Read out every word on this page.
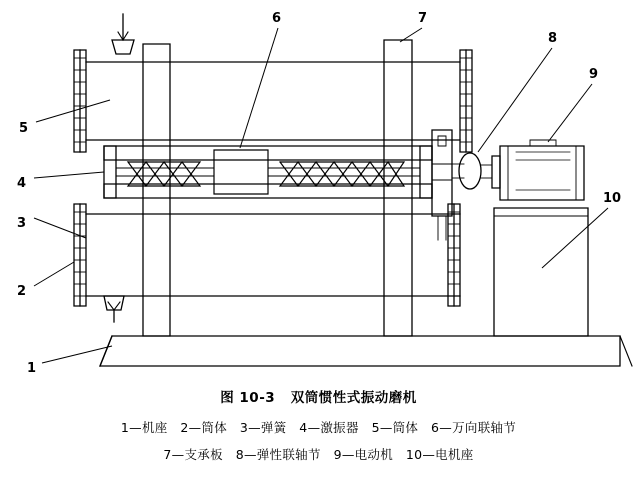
1
2
3
4
5
6	7
8
9
10

图 10-3   双筒惯性式振动磨机

1—机座   2—筒体   3—弹簧   4—激振器   5—筒体   6—万向联轴节

7—支承板   8—弹性联轴节   9—电动机   10—电机座
